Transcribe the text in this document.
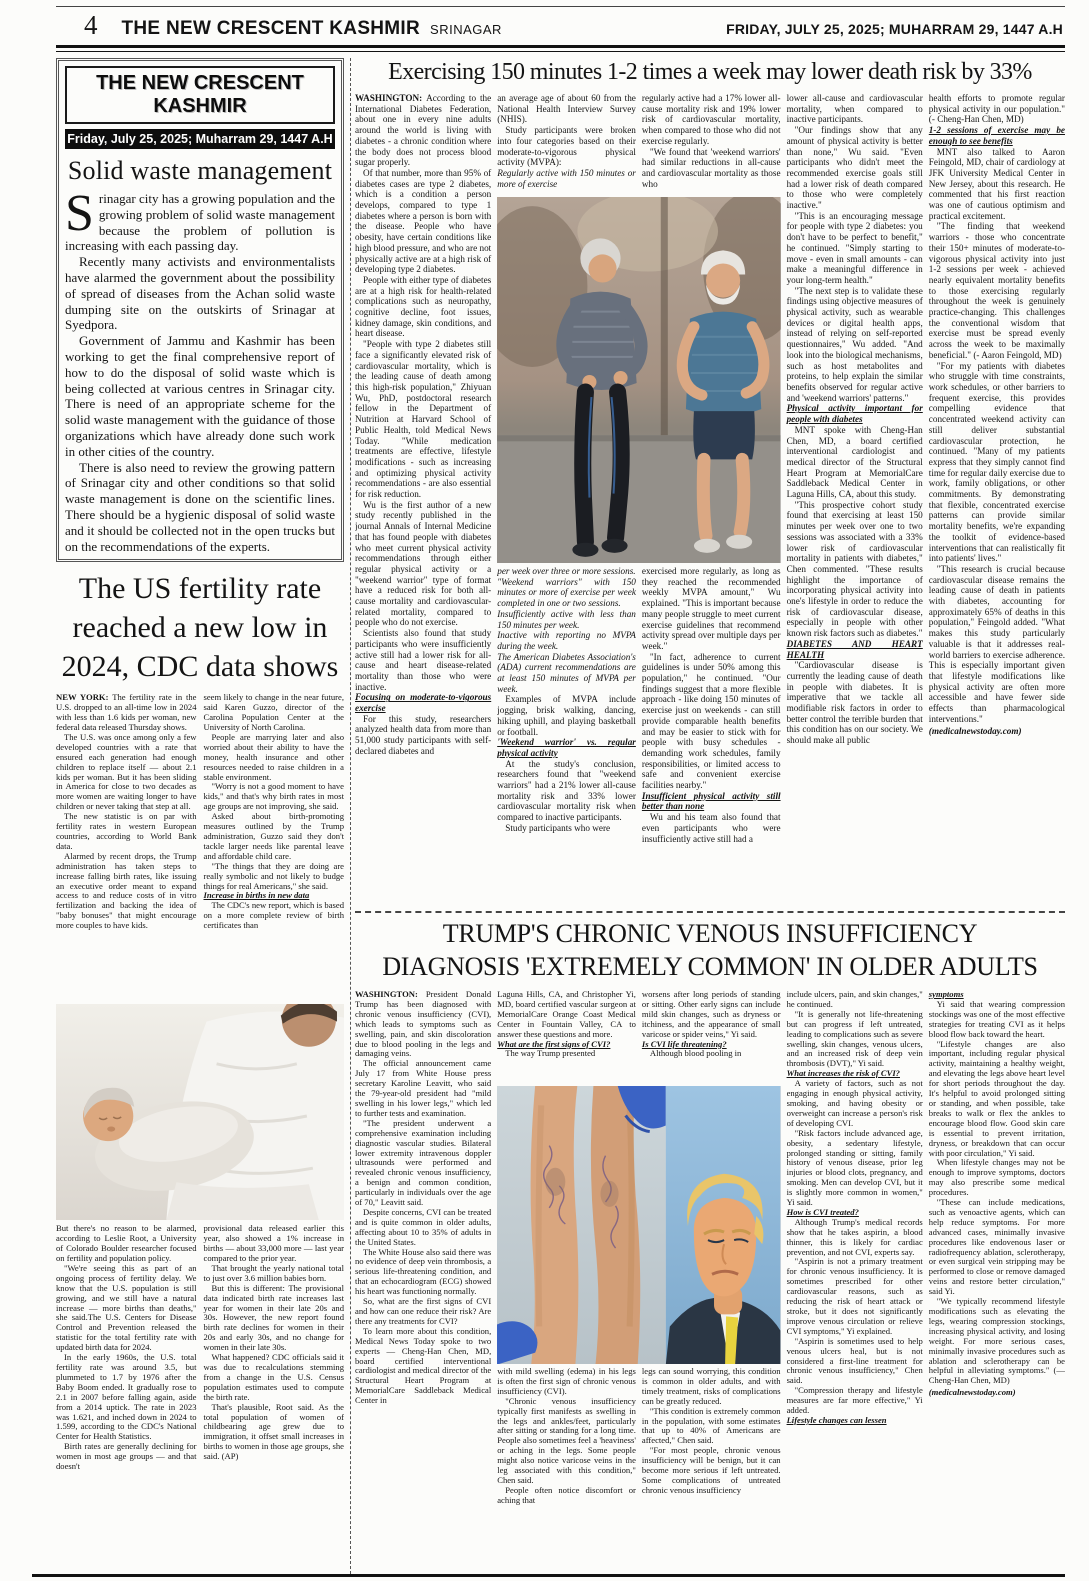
4 THE NEW CRESCENT KASHMIR SRINAGAR	FRIDAY, JULY 25, 2025; MUHARRAM 29, 1447 A.H
THE NEW CRESCENT KASHMIR
Friday, July 25, 2025; Muharram 29, 1447 A.H
Solid waste management

Srinagar city has a growing population and the growing problem of solid waste management because the problem of pollution is increasing with each passing day.

Recently many activists and environmentalists have alarmed the government about the possibility of spread of diseases from the Achan solid waste dumping site on the outskirts of Srinagar at Syedpora.

Government of Jammu and Kashmir has been working to get the final comprehensive report of how to do the disposal of solid waste which is being collected at various centres in Srinagar city. There is need of an appropriate scheme for the solid waste management with the guidance of those organizations which have already done such work in other cities of the country.

There is also need to review the growing pattern of Srinagar city and other conditions so that solid waste management is done on the scientific lines. There should be a hygienic disposal of solid waste and it should be collected not in the open trucks but on the recommendations of the experts.

The US fertility rate reached a new low in 2024, CDC data shows

NEW YORK: The fertility rate in the U.S. dropped to an all-time low in 2024 with less than 1.6 kids per woman, new federal data released Thursday shows.

The U.S. was once among only a few developed countries with a rate that ensured each generation had enough children to replace itself — about 2.1 kids per woman. But it has been sliding in America for close to two decades as more women are waiting longer to have children or never taking that step at all.

The new statistic is on par with fertility rates in western European countries, according to World Bank data.

Alarmed by recent drops, the Trump administration has taken steps to increase falling birth rates, like issuing an executive order meant to expand access to and reduce costs of in vitro fertilization and backing the idea of "baby bonuses" that might encourage more couples to have kids.

seem likely to change in the near future, said Karen Guzzo, director of the Carolina Population Center at the University of North Carolina.

People are marrying later and also worried about their ability to have the money, health insurance and other resources needed to raise children in a stable environment.

"Worry is not a good moment to have kids," and that's why birth rates in most age groups are not improving, she said.

Asked about birth-promoting measures outlined by the Trump administration, Guzzo said they don't tackle larger needs like parental leave and affordable child care.

"The things that they are doing are really symbolic and not likely to budge things for real Americans," she said.

Increase in births in new data

The CDC's new report, which is based on a more complete review of birth certificates than

But there's no reason to be alarmed, according to Leslie Root, a University of Colorado Boulder researcher focused on fertility and population policy.

"We're seeing this as part of an ongoing process of fertility delay. We know that the U.S. population is still growing, and we still have a natural increase — more births than deaths," she said.The U.S. Centers for Disease Control and Prevention released the statistic for the total fertility rate with updated birth data for 2024.

In the early 1960s, the U.S. total fertility rate was around 3.5, but plummeted to 1.7 by 1976 after the Baby Boom ended. It gradually rose to 2.1 in 2007 before falling again, aside from a 2014 uptick. The rate in 2023 was 1.621, and inched down in 2024 to 1.599, according to the CDC's National Center for Health Statistics.

Birth rates are generally declining for women in most age groups — and that doesn't

provisional data released earlier this year, also showed a 1% increase in births — about 33,000 more — last year compared to the prior year.

That brought the yearly national total to just over 3.6 million babies born.

But this is different: The provisional data indicated birth rate increases last year for women in their late 20s and 30s. However, the new report found birth rate declines for women in their 20s and early 30s, and no change for women in their late 30s.

What happened? CDC officials said it was due to recalculations stemming from a change in the U.S. Census population estimates used to compute the birth rate.

That's plausible, Root said. As the total population of women of childbearing age grew due to immigration, it offset small increases in births to women in those age groups, she said. (AP)

Exercising 150 minutes 1-2 times a week may lower death risk by 33%

WASHINGTON: According to the International Diabetes Federation, about one in every nine adults around the world is living with diabetes - a chronic condition where the body does not process blood sugar properly.

Of that number, more than 95% of diabetes cases are type 2 diabetes, which is a condition a person develops, compared to type 1 diabetes where a person is born with the disease. People who have obesity, have certain conditions like high blood pressure, and who are not physically active are at a high risk of developing type 2 diabetes.

People with either type of diabetes are at a high risk for health-related complications such as neuropathy, cognitive decline, foot issues, kidney damage, skin conditions, and heart disease.

"People with type 2 diabetes still face a significantly elevated risk of cardiovascular mortality, which is the leading cause of death among this high-risk population," Zhiyuan Wu, PhD, postdoctoral research fellow in the Department of Nutrition at Harvard School of Public Health, told Medical News Today. "While medication treatments are effective, lifestyle modifications - such as increasing and optimizing physical activity recommendations - are also essential for risk reduction.

Wu is the first author of a new study recently published in the journal Annals of Internal Medicine that has found people with diabetes who meet current physical activity recommendations through either regular physical activity or a "weekend warrior" type of format have a reduced risk for both all-cause mortality and cardiovascular-related mortality, compared to people who do not exercise.

Scientists also found that study participants who were insufficiently active still had a lower risk for all-cause and heart disease-related mortality than those who were inactive.

Focusing on moderate-to-vigorous exercise

For this study, researchers analyzed health data from more than 51,000 study participants with self-declared diabetes and

an average age of about 60 from the National Health Interview Survey (NHIS).

Study participants were broken into four categories based on their moderate-to-vigorous physical activity (MVPA):

Regularly active with 150 minutes or more of exercise

regularly active had a 17% lower all-cause mortality risk and 19% lower risk of cardiovascular mortality, when compared to those who did not exercise regularly.

"We found that 'weekend warriors' had similar reductions in all-cause and cardiovascular mortality as those who

per week over three or more sessions.

"Weekend warriors" with 150 minutes or more of exercise per week completed in one or two sessions.

Insufficiently active with less than 150 minutes per week.

Inactive with reporting no MVPA during the week.

The American Diabetes Association's (ADA) current recommendations are at least 150 minutes of MVPA per week.

Examples of MVPA include jogging, brisk walking, dancing, hiking uphill, and playing basketball or football.

'Weekend warrior' vs. regular physical activity

At the study's conclusion, researchers found that "weekend warriors" had a 21% lower all-cause mortality risk and 33% lower cardiovascular mortality risk when compared to inactive participants.

Study participants who were

exercised more regularly, as long as they reached the recommended weekly MVPA amount," Wu explained. "This is important because many people struggle to meet current exercise guidelines that recommend activity spread over multiple days per week."

"In fact, adherence to current guidelines is under 50% among this population," he continued. "Our findings suggest that a more flexible approach - like doing 150 minutes of exercise just on weekends - can still provide comparable health benefits and may be easier to stick with for people with busy schedules - demanding work schedules, family responsibilities, or limited access to safe and convenient exercise facilities nearby."

Insufficient physical activity still better than none

Wu and his team also found that even participants who were insufficiently active still had a

lower all-cause and cardiovascular mortality, when compared to inactive participants.

"Our findings show that any amount of physical activity is better than none," Wu said. "Even participants who didn't meet the recommended exercise goals still had a lower risk of death compared to those who were completely inactive."

"This is an encouraging message for people with type 2 diabetes: you don't have to be perfect to benefit," he continued. "Simply starting to move - even in small amounts - can make a meaningful difference in your long-term health."

"The next step is to validate these findings using objective measures of physical activity, such as wearable devices or digital health apps, instead of relying on self-reported questionnaires," Wu added. "And look into the biological mechanisms, such as host metabolites and proteins, to help explain the similar benefits observed for regular active and 'weekend warriors' patterns."

Physical activity important for people with diabetes

MNT spoke with Cheng-Han Chen, MD, a board certified interventional cardiologist and medical director of the Structural Heart Program at MemorialCare Saddleback Medical Center in Laguna Hills, CA, about this study.

"This prospective cohort study found that exercising at least 150 minutes per week over one to two sessions was associated with a 33% lower risk of cardiovascular mortality in patients with diabetes," Chen commented. "These results highlight the importance of incorporating physical activity into one's lifestyle in order to reduce the risk of cardiovascular disease, especially in people with other known risk factors such as diabetes."

DIABETES AND HEART HEALTH

"Cardiovascular disease is currently the leading cause of death in people with diabetes. It is imperative that we tackle all modifiable risk factors in order to better control the terrible burden that this condition has on our society. We should make all public

health efforts to promote regular physical activity in our population." (- Cheng-Han Chen, MD)

1-2 sessions of exercise may be enough to see benefits

MNT also talked to Aaron Feingold, MD, chair of cardiology at JFK University Medical Center in New Jersey, about this research. He commented that his first reaction was one of cautious optimism and practical excitement.

"The finding that weekend warriors - those who concentrate their 150+ minutes of moderate-to-vigorous physical activity into just 1-2 sessions per week - achieved nearly equivalent mortality benefits to those exercising regularly throughout the week is genuinely practice-changing. This challenges the conventional wisdom that exercise must be spread evenly across the week to be maximally beneficial." (- Aaron Feingold, MD)

"For my patients with diabetes who struggle with time constraints, work schedules, or other barriers to frequent exercise, this provides compelling evidence that concentrated weekend activity can still deliver substantial cardiovascular protection, he continued. "Many of my patients express that they simply cannot find time for regular daily exercise due to work, family obligations, or other commitments. By demonstrating that flexible, concentrated exercise patterns can provide similar mortality benefits, we're expanding the toolkit of evidence-based interventions that can realistically fit into patients' lives."

"This research is crucial because cardiovascular disease remains the leading cause of death in patients with diabetes, accounting for approximately 65% of deaths in this population," Feingold added. "What makes this study particularly valuable is that it addresses real-world barriers to exercise adherence. This is especially important given that lifestyle modifications like physical activity are often more accessible and have fewer side effects than pharmacological interventions."

(medicalnewstoday.com)

TRUMP'S CHRONIC VENOUS INSUFFICIENCY
DIAGNOSIS 'EXTREMELY COMMON' IN OLDER ADULTS

WASHINGTON: President Donald Trump has been diagnosed with chronic venous insufficiency (CVI), which leads to symptoms such as swelling, pain, and skin discoloration due to blood pooling in the legs and damaging veins.

The official announcement came July 17 from White House press secretary Karoline Leavitt, who said the 79-year-old president had "mild swelling in his lower legs," which led to further tests and examination.

"The president underwent a comprehensive examination including diagnostic vascular studies. Bilateral lower extremity intravenous doppler ultrasounds were performed and revealed chronic venous insufficiency, a benign and common condition, particularly in individuals over the age of 70," Leavitt said.

Despite concerns, CVI can be treated and is quite common in older adults, affecting about 10 to 35% of adults in the United States.

The White House also said there was no evidence of deep vein thrombosis, a serious life-threatening condition, and that an echocardiogram (ECG) showed his heart was functioning normally.

So, what are the first signs of CVI and how can one reduce their risk? Are there any treatments for CVI?

To learn more about this condition, Medical News Today spoke to two experts — Cheng-Han Chen, MD, board certified interventional cardiologist and medical director of the Structural Heart Program at MemorialCare Saddleback Medical Center in

Laguna Hills, CA, and Christopher Yi, MD, board certified vascular surgeon at MemorialCare Orange Coast Medical Center in Fountain Valley, CA to answer these questions and more.

What are the first signs of CVI?

The way Trump presented

worsens after long periods of standing or sitting. Other early signs can include mild skin changes, such as dryness or itchiness, and the appearance of small varicose or spider veins," Yi said.

Is CVI life threatening?

Although blood pooling in

with mild swelling (edema) in his legs is often the first sign of chronic venous insufficiency (CVI).

"Chronic venous insufficiency typically first manifests as swelling in the legs and ankles/feet, particularly after sitting or standing for a long time. People also sometimes feel a 'heaviness' or aching in the legs. Some people might also notice varicose veins in the leg associated with this condition," Chen said.

People often notice discomfort or aching that

legs can sound worrying, this condition is common in older adults, and with timely treatment, risks of complications can be greatly reduced.

"This condition is extremely common in the population, with some estimates that up to 40% of Americans are affected," Chen said.

"For most people, chronic venous insufficiency will be benign, but it can become more serious if left untreated. Some complications of untreated chronic venous insufficiency

include ulcers, pain, and skin changes," he continued.

"It is generally not life-threatening but can progress if left untreated, leading to complications such as severe swelling, skin changes, venous ulcers, and an increased risk of deep vein thrombosis (DVT)," Yi said.

What increases the risk of CVI?

A variety of factors, such as not engaging in enough physical activity, smoking, and having obesity or overweight can increase a person's risk of developing CVI.

"Risk factors include advanced age, obesity, a sedentary lifestyle, prolonged standing or sitting, family history of venous disease, prior leg injuries or blood clots, pregnancy, and smoking. Men can develop CVI, but it is slightly more common in women," Yi said.

How is CVI treated?

Although Trump's medical records show that he takes aspirin, a blood thinner, this is likely for cardiac prevention, and not CVI, experts say.

"Aspirin is not a primary treatment for chronic venous insufficiency. It is sometimes prescribed for other cardiovascular reasons, such as reducing the risk of heart attack or stroke, but it does not significantly improve venous circulation or relieve CVI symptoms," Yi explained.

"Aspirin is sometimes used to help venous ulcers heal, but is not considered a first-line treatment for chronic venous insufficiency," Chen said.

"Compression therapy and lifestyle measures are far more effective," Yi added.

Lifestyle changes can lessen

symptoms

Yi said that wearing compression stockings was one of the most effective strategies for treating CVI as it helps blood flow back toward the heart.

"Lifestyle changes are also important, including regular physical activity, maintaining a healthy weight, and elevating the legs above heart level for short periods throughout the day. It's helpful to avoid prolonged sitting or standing, and when possible, take breaks to walk or flex the ankles to encourage blood flow. Good skin care is essential to prevent irritation, dryness, or breakdown that can occur with poor circulation," Yi said.

When lifestyle changes may not be enough to improve symptoms, doctors may also prescribe some medical procedures.

"These can include medications, such as venoactive agents, which can help reduce symptoms. For more advanced cases, minimally invasive procedures like endovenous laser or radiofrequency ablation, sclerotherapy, or even surgical vein stripping may be performed to close or remove damaged veins and restore better circulation," said Yi.

"We typically recommend lifestyle modifications such as elevating the legs, wearing compression stockings, increasing physical activity, and losing weight. For more serious cases, minimally invasive procedures such as ablation and sclerotherapy can be helpful in alleviating symptoms." (— Cheng-Han Chen, MD)

(medicalnewstoday.com)
